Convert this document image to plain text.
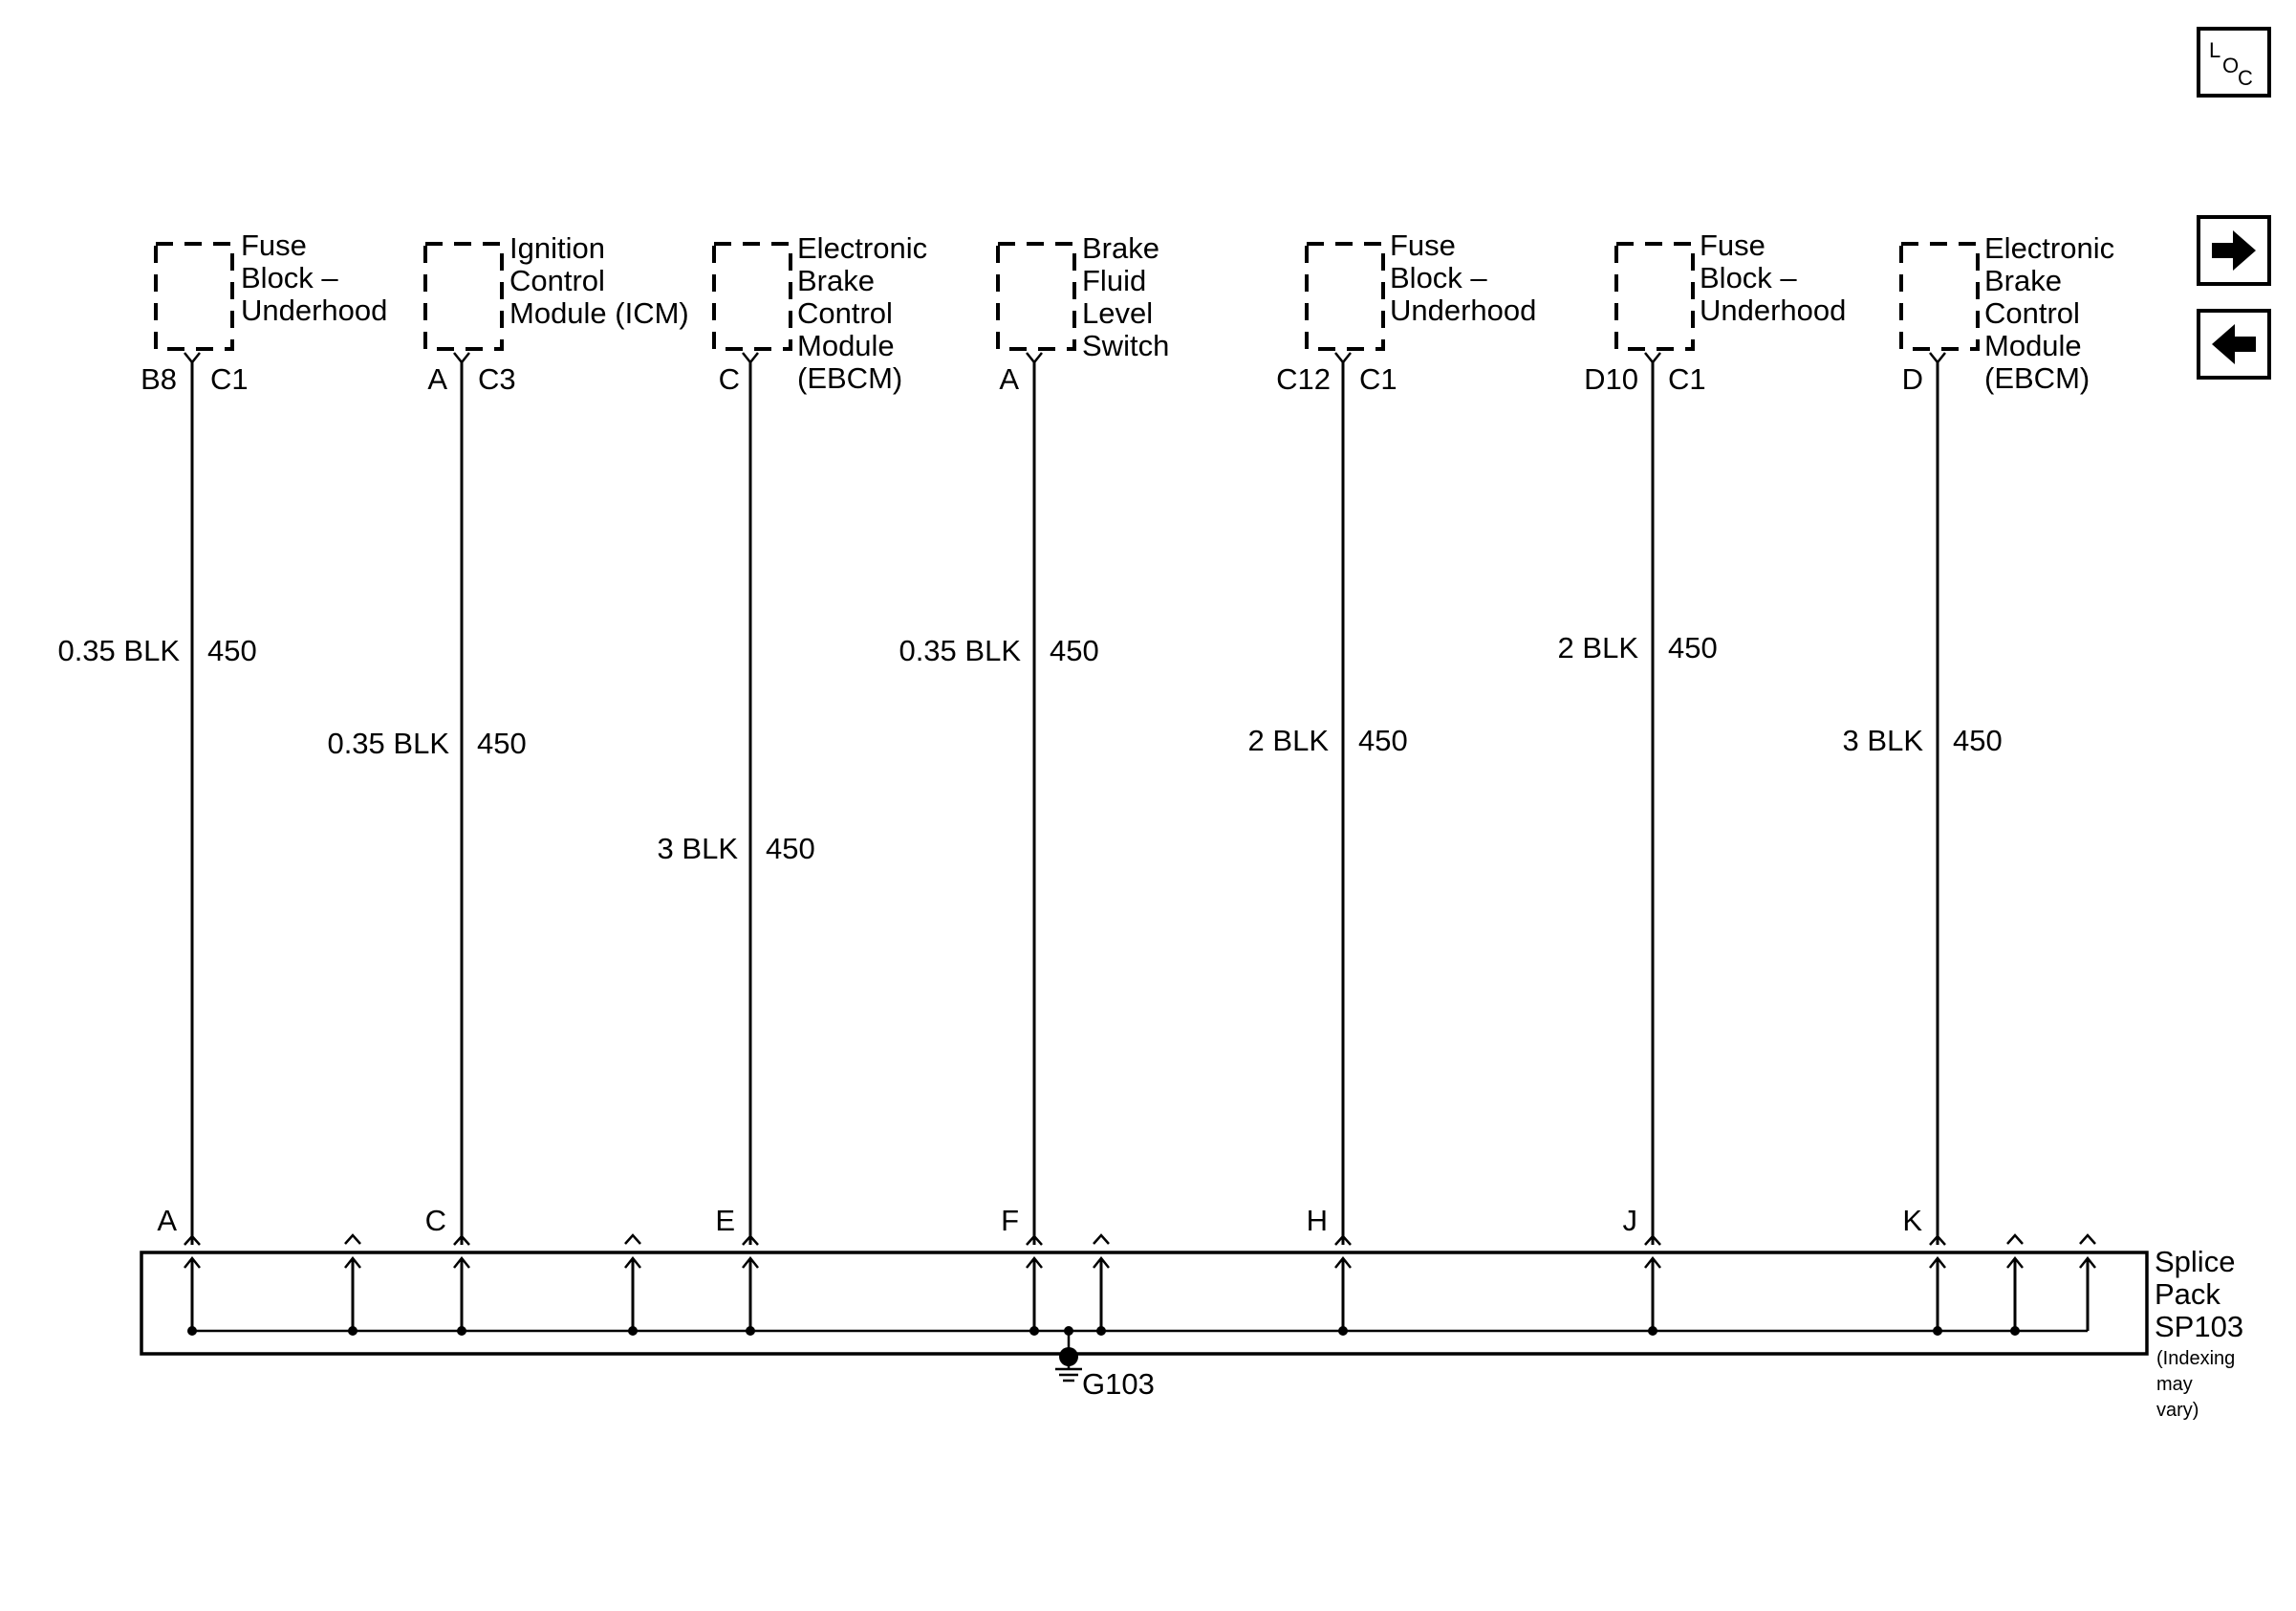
L
O
C
Splice
Pack
SP103
(Indexing
may
vary)
G103
Fuse
Block –
Underhood
B8 C1
0.35 BLK 450
A
Ignition
Control
Module (ICM)
A C3
0.35 BLK 450
C
Electronic
Brake
Control
Module
(EBCM)
C
3 BLK 450
E
Brake
Fluid
Level
Switch
A
0.35 BLK 450
F
Fuse
Block –
Underhood
C12 C1
2 BLK 450
H
Fuse
Block –
Underhood
D10 C1
2 BLK 450
J
Electronic
Brake
Control
Module
(EBCM)
D
3 BLK 450
K
